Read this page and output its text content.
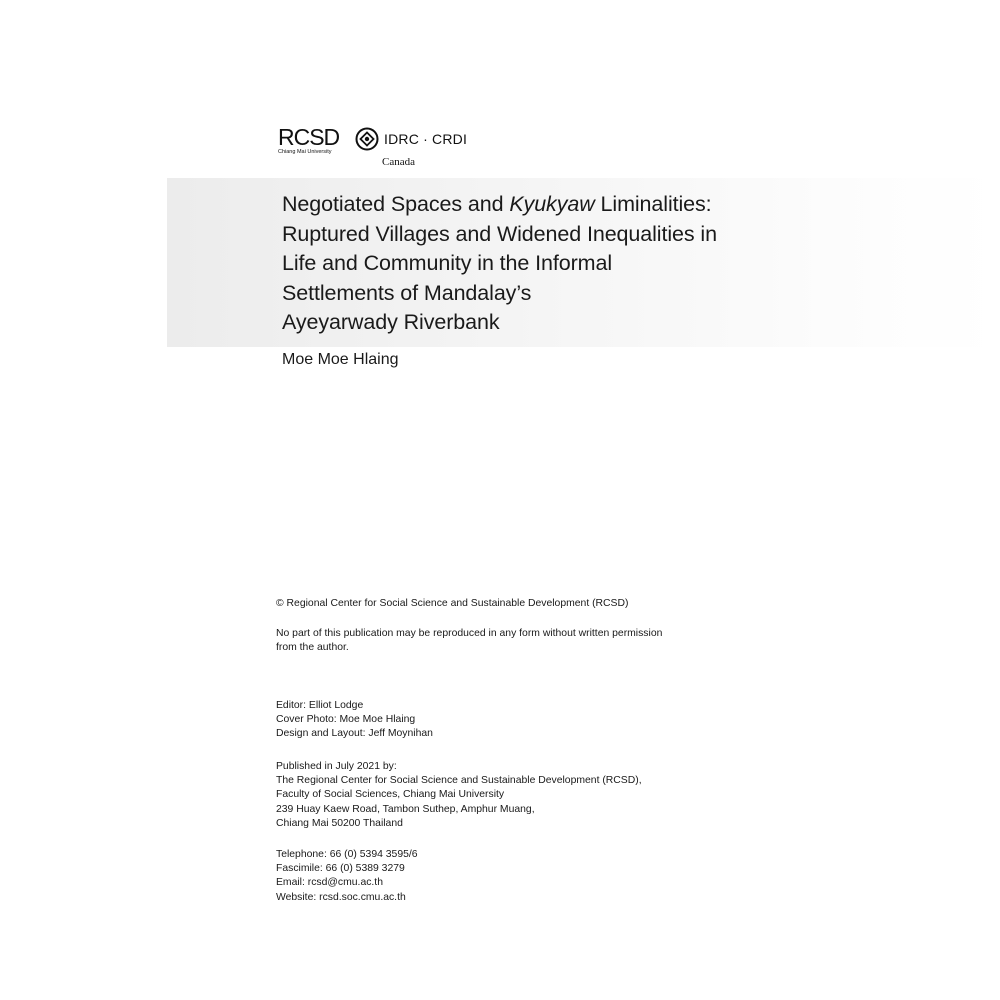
RCSD
Chiang Mai University
IDRC · CRDI
Canada
Negotiated Spaces and Kyukyaw Liminalities:
Ruptured Villages and Widened Inequalities in
Life and Community in the Informal
Settlements of Mandalay’s
Ayeyarwady Riverbank
Moe Moe Hlaing
© Regional Center for Social Science and Sustainable Development (RCSD)
No part of this publication may be reproduced in any form without written permission
from the author.
Editor: Elliot Lodge
Cover Photo: Moe Moe Hlaing
Design and Layout: Jeff Moynihan
Published in July 2021 by:
The Regional Center for Social Science and Sustainable Development (RCSD),
Faculty of Social Sciences, Chiang Mai University
239 Huay Kaew Road, Tambon Suthep, Amphur Muang,
Chiang Mai 50200 Thailand
Telephone: 66 (0) 5394 3595/6
Fascimile: 66 (0) 5389 3279
Email: rcsd@cmu.ac.th
Website: rcsd.soc.cmu.ac.th
